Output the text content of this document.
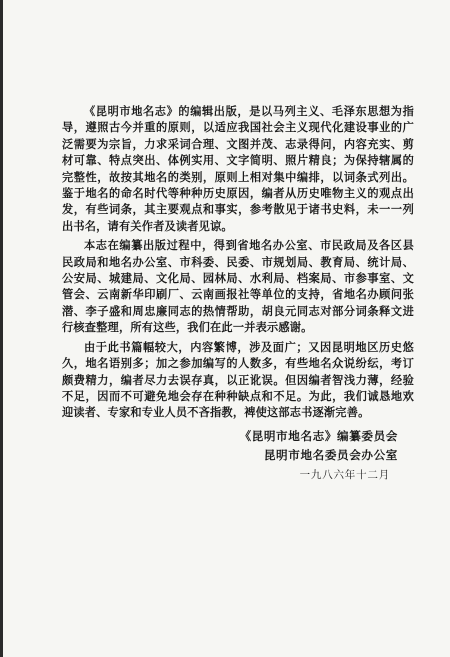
《昆明市地名志》的编辑出版，是以马列主义、毛泽东思想为指导，遵照古今并重的原则，以适应我国社会主义现代化建设事业的广泛需要为宗旨，力求采词合理、文图并茂、志录得问，内容充实、剪材可靠、特点突出、体例实用、文字简明、照片精良；为保持辖属的完整性，故按其地名的类别，原则上相对集中编排，以词条式列出。鉴于地名的命名时代等种种历史原因，编者从历史唯物主义的观点出发，有些词条，其主要观点和事实，参考散见于诸书史料，未一一列出书名，请有关作者及读者见谅。

本志在编纂出版过程中，得到省地名办公室、市民政局及各区县民政局和地名办公室、市科委、民委、市规划局、教育局、统计局、公安局、城建局、文化局、园林局、水利局、档案局、市参事室、文管会、云南新华印刷厂、云南画报社等单位的支持，省地名办顾问张潜、李子盛和周忠廉同志的热情帮助，胡良元同志对部分词条释文进行核查整理，所有这些，我们在此一并表示感谢。

由于此书篇幅较大，内容繁博，涉及面广；又因昆明地区历史悠久，地名语别多；加之参加编写的人数多，有些地名众说纷纭，考订颇费精力，编者尽力去误存真，以正讹误。但因编者智浅力薄，经验不足，因而不可避免地会存在种种缺点和不足。为此，我们诚恳地欢迎读者、专家和专业人员不吝指教，裨使这部志书逐渐完善。

《昆明市地名志》编纂委员会
昆明市地名委员会办公室
一九八六年十二月
